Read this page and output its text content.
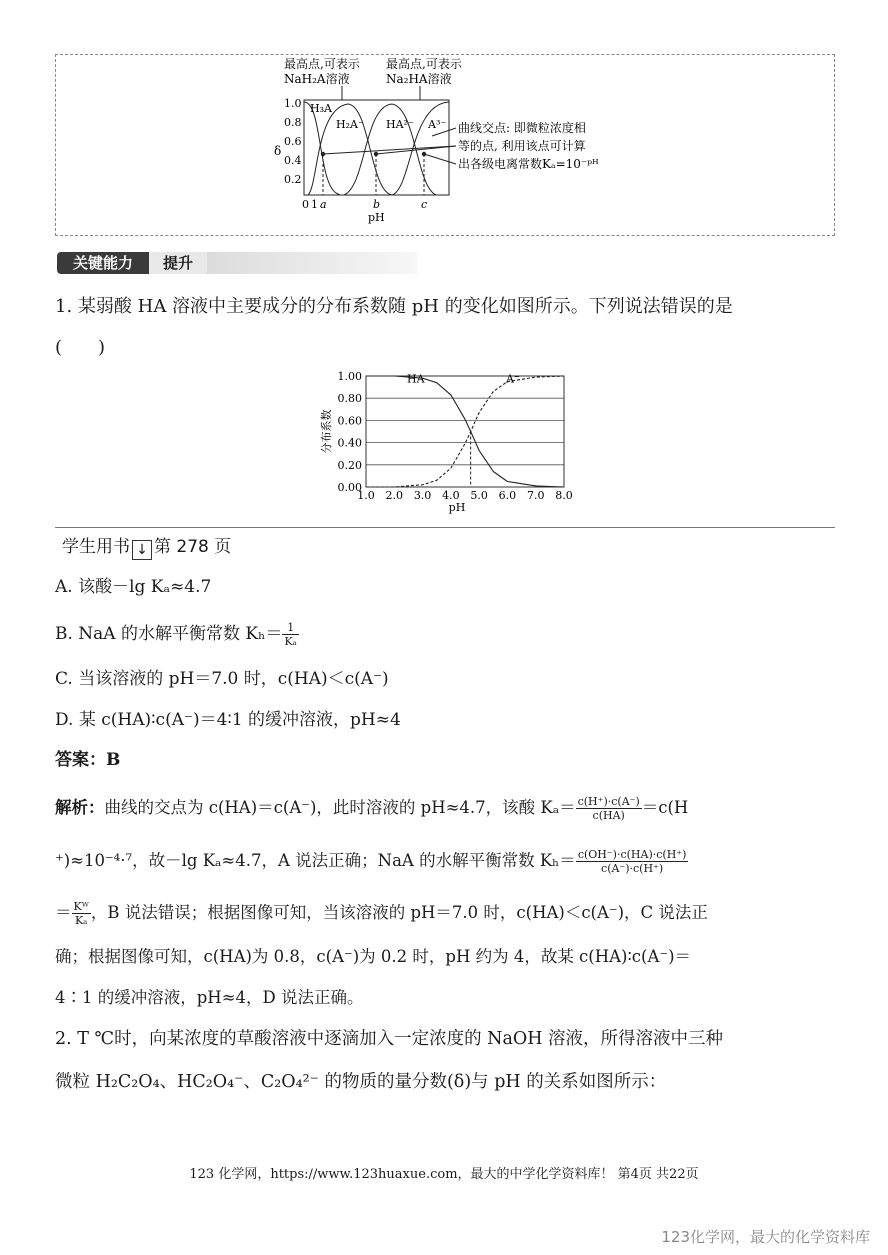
最高点,可表示
NaH₂A溶液
最高点,可表示
Na₂HA溶液
1.0
0.8
0.6
0.4
0.2
δ
H₃A
H₂A⁻ HA²⁻ A³⁻
0 1 a	b	c
pH
曲线交点: 即微粒浓度相
等的点, 利用该点可计算
出各级电离常数Kₐ=10⁻ᵖᴴ
关键能力	提升
1. 某弱酸 HA 溶液中主要成分的分布系数随 pH 的变化如图所示。下列说法错误的是
(　　)
1.00
0.80
0.60
0.40
0.20
0.00
1.0 2.0 3.0 4.0 5.0 6.0 7.0 8.0
pH
分布系数
HA	A⁻
学生用书 ↓ 第 278 页
A. 该酸－lg Kₐ≈4.7
B. NaA 的水解平衡常数 $K_h= \frac{1}{\text{Kₐ}}$
C. 当该溶液的 pH＝7.0 时，c(HA)＜c(A⁻)
D. 某 c(HA)∶c(A⁻)＝4∶1 的缓冲溶液，pH≈4
答案：B
解析：曲线的交点为 c(HA)＝c(A⁻)，此时溶液的 pH≈4.7，该酸 $K_a= \frac{c(H^+)\cdot c(A^-)}{c(HA)} =c(H$
⁺)≈10⁻⁴·⁷，故－lg Kₐ≈4.7，A 说法正确；NaA 的水解平衡常数 $K_h= \frac{c(OH^-)\cdot c(HA)\cdot c(H^+)}{c(A^-)\cdot c(H^+)}$
＝ $\frac{\text{Kᵂ}}{\text{Kₐ}}$ ，B 说法错误；根据图像可知，当该溶液的 pH＝7.0 时，c(HA)＜c(A⁻)，C 说法正
确；根据图像可知，c(HA)为 0.8，c(A⁻)为 0.2 时，pH 约为 4，故某 c(HA)∶c(A⁻)＝
4∶1 的缓冲溶液，pH≈4，D 说法正确。
2. T ℃时，向某浓度的草酸溶液中逐滴加入一定浓度的 NaOH 溶液，所得溶液中三种
微粒 H₂C₂O₄、HC₂O₄⁻、C₂O₄²⁻ 的物质的量分数(δ)与 pH 的关系如图所示：
123 化学网，https://www.123huaxue.com，最大的中学化学资料库！ 第4页 共22页
123化学网，最大的化学资料库
